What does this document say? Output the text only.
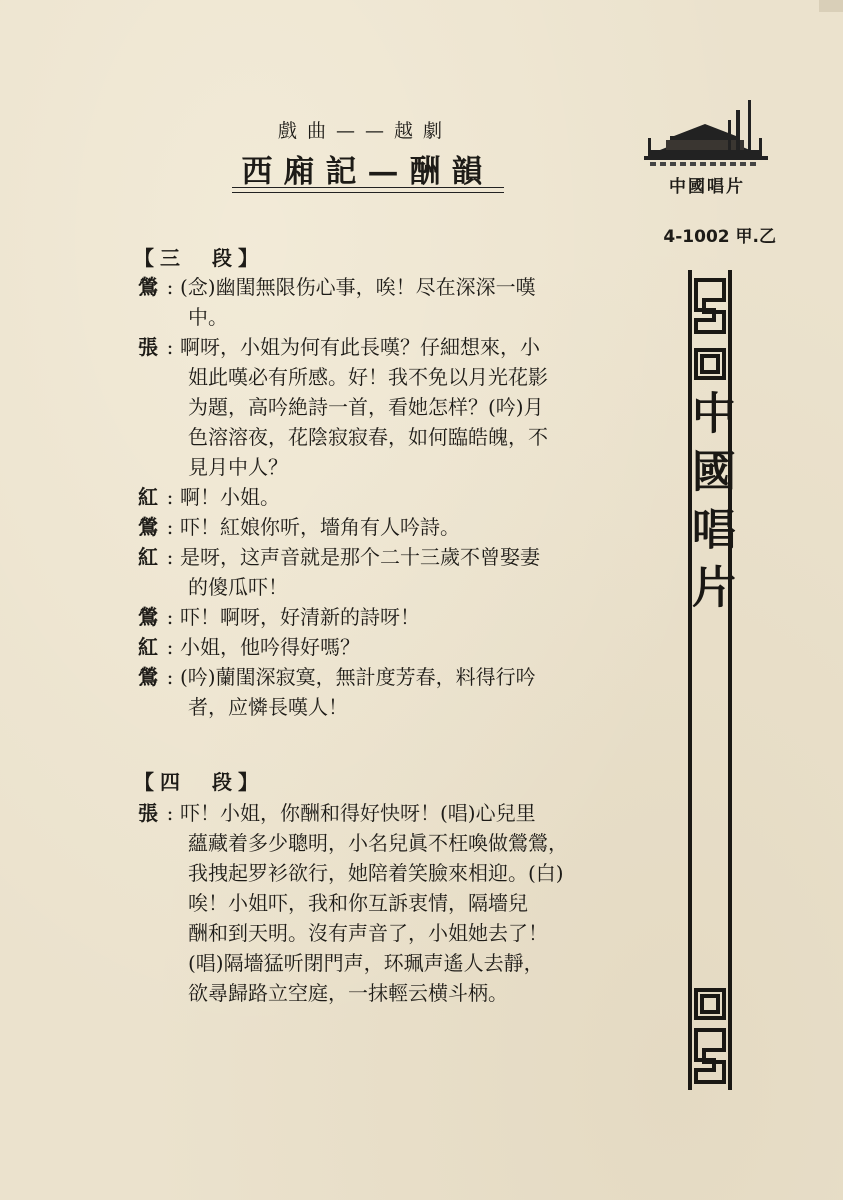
戲曲——越劇
西廂記—酬韻	中國唱片
4-1002 甲.乙
中國唱片
【三　段】
鶯 : (念)幽閨無限伤心事，唉！尽在深深一嘆
中。
張 : 啊呀，小姐为何有此長嘆？仔細想來，小
姐此嘆必有所感。好！我不免以月光花影
为題，高吟絶詩一首，看她怎样？(吟)月
色溶溶夜，花陰寂寂春，如何臨皓魄，不
見月中人？
紅 : 啊！小姐。
鶯 : 吓！紅娘你听，墻角有人吟詩。
紅 : 是呀，这声音就是那个二十三歲不曾娶妻
的傻瓜吓！
鶯 : 吓！啊呀，好清新的詩呀！
紅 : 小姐，他吟得好嗎？
鶯 : (吟)蘭閨深寂寞，無計度芳春，料得行吟
者，应憐長嘆人！
【四　段】
張 : 吓！小姐，你酬和得好快呀！(唱)心兒里
蘊藏着多少聰明，小名兒眞不枉喚做鶯鶯，
我拽起罗衫欲行，她陪着笑臉來相迎。(白)
唉！小姐吓，我和你互訴衷情，隔墻兒
酬和到天明。沒有声音了，小姐她去了！
(唱)隔墻猛听閉門声，环珮声遙人去靜，
欲尋歸路立空庭，一抹輕云横斗柄。
